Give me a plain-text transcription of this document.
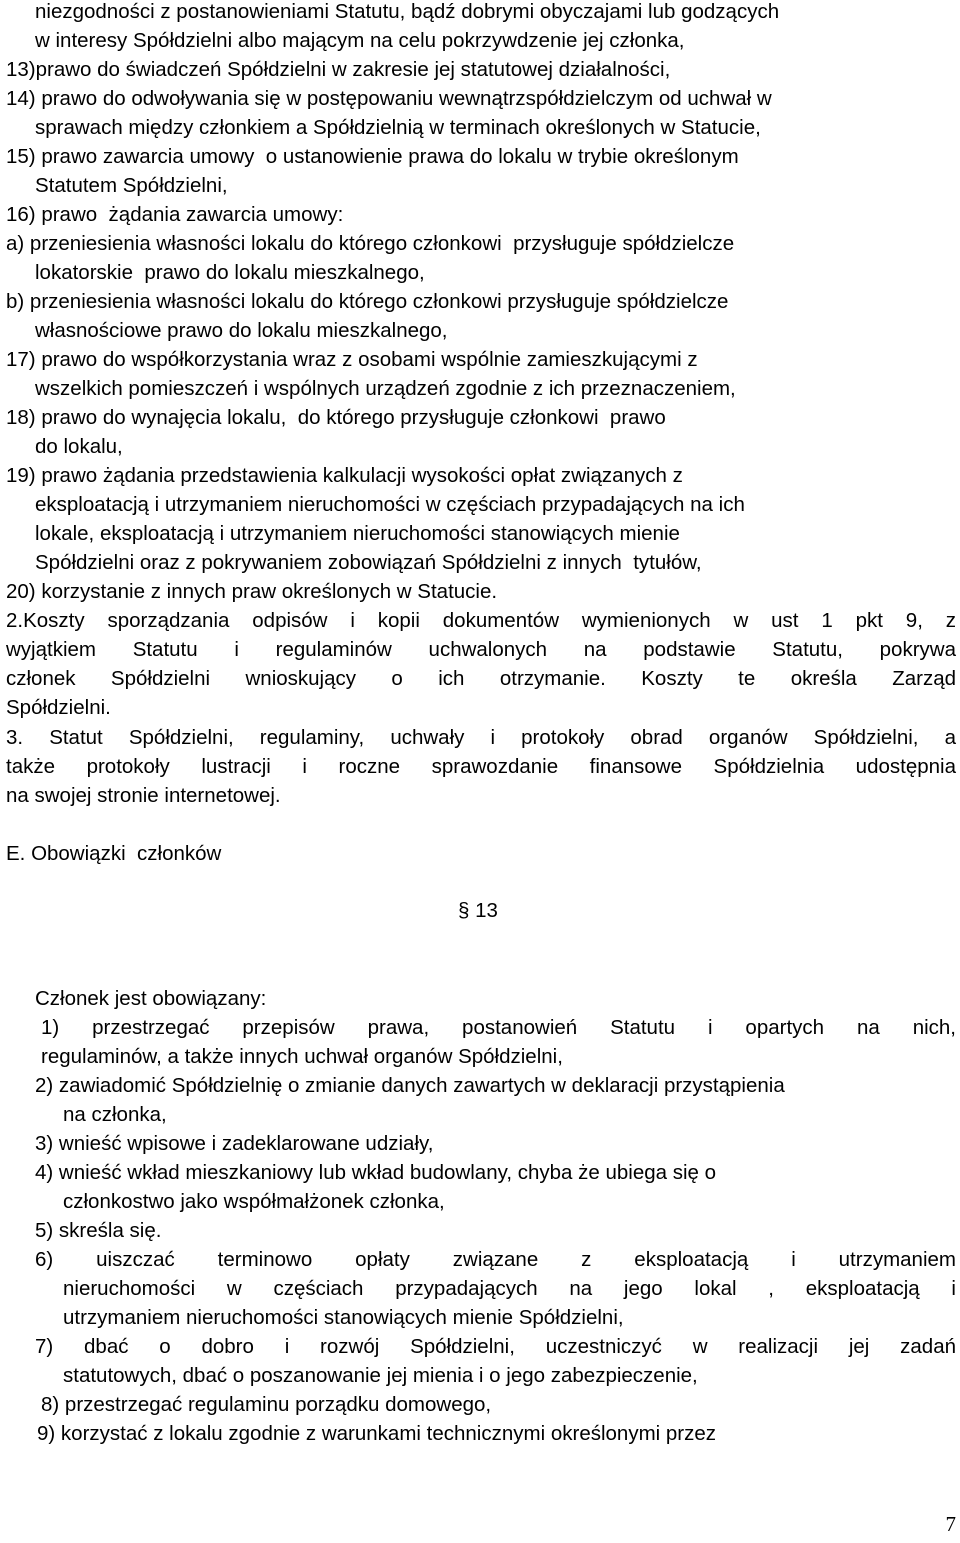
niezgodności z postanowieniami Statutu, bądź dobrymi obyczajami lub godzących
w interesy Spółdzielni albo mającym na celu pokrzywdzenie jej członka,
13)prawo do świadczeń Spółdzielni w zakresie jej statutowej działalności,
14) prawo do odwoływania się w postępowaniu wewnątrzspółdzielczym od uchwał w
sprawach między członkiem a Spółdzielnią w terminach określonych w Statucie,
15) prawo zawarcia umowy  o ustanowienie prawa do lokalu w trybie określonym
Statutem Spółdzielni,
16) prawo  żądania zawarcia umowy:
a) przeniesienia własności lokalu do którego członkowi  przysługuje spółdzielcze
lokatorskie  prawo do lokalu mieszkalnego,
b) przeniesienia własności lokalu do którego członkowi przysługuje spółdzielcze
własnościowe prawo do lokalu mieszkalnego,
17) prawo do współkorzystania wraz z osobami wspólnie zamieszkującymi z
wszelkich pomieszczeń i wspólnych urządzeń zgodnie z ich przeznaczeniem,
18) prawo do wynajęcia lokalu,  do którego przysługuje członkowi  prawo
do lokalu,
19) prawo żądania przedstawienia kalkulacji wysokości opłat związanych z
eksploatacją i utrzymaniem nieruchomości w częściach przypadających na ich
lokale, eksploatacją i utrzymaniem nieruchomości stanowiących mienie
Spółdzielni oraz z pokrywaniem zobowiązań Spółdzielni z innych  tytułów,
20) korzystanie z innych praw określonych w Statucie.
2.Koszty sporządzania odpisów i kopii dokumentów wymienionych w ust 1 pkt 9, z
wyjątkiem Statutu i regulaminów uchwalonych na podstawie Statutu, pokrywa
członek Spółdzielni wnioskujący o ich otrzymanie. Koszty te określa Zarząd
Spółdzielni.
3. Statut Spółdzielni, regulaminy, uchwały i protokoły obrad organów Spółdzielni, a
także protokoły lustracji i roczne sprawozdanie finansowe Spółdzielnia udostępnia
na swojej stronie internetowej.
E. Obowiązki  członków
§ 13
Członek jest obowiązany:
1) przestrzegać przepisów prawa, postanowień Statutu i opartych na nich,
regulaminów, a także innych uchwał organów Spółdzielni,
2) zawiadomić Spółdzielnię o zmianie danych zawartych w deklaracji przystąpienia
na członka,
3) wnieść wpisowe i zadeklarowane udziały,
4) wnieść wkład mieszkaniowy lub wkład budowlany, chyba że ubiega się o
członkostwo jako współmałżonek członka,
5) skreśla się.
6) uiszczać terminowo opłaty związane z eksploatacją i utrzymaniem
nieruchomości w częściach przypadających na jego lokal , eksploatacją i
utrzymaniem nieruchomości stanowiących mienie Spółdzielni,
7) dbać o dobro i rozwój Spółdzielni, uczestniczyć w realizacji jej zadań
statutowych, dbać o poszanowanie jej mienia i o jego zabezpieczenie,
8) przestrzegać regulaminu porządku domowego,
9) korzystać z lokalu zgodnie z warunkami technicznymi określonymi przez
7
